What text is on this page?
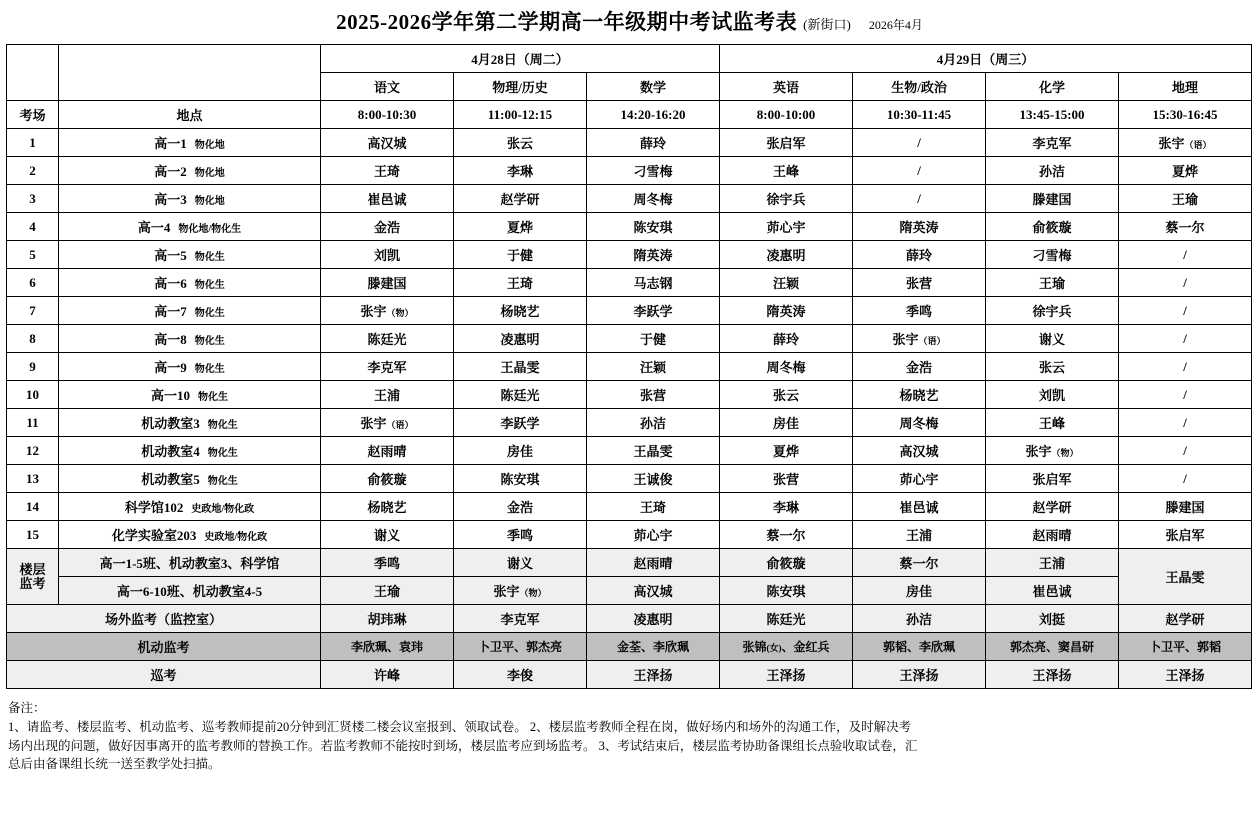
2025-2026学年第二学期高一年级期中考试监考表 (新街口) 2026年4月
		4月28日（周二）			4月29日（周三）			
		语文	物理/历史	数学	英语	生物/政治	化学	地理
考场	地点	8:00-10:30	11:00-12:15	14:20-16:20	8:00-10:00	10:30-11:45	13:45-15:00	15:30-16:45
1	高一1 物化地	高汉城	张云	薛玲	张启军	/	李克军	张宇（语）
2	高一2 物化地	王琦	李琳	刁雪梅	王峰	/	孙洁	夏烨
3	高一3 物化地	崔邑诚	赵学研	周冬梅	徐宇兵	/	滕建国	王瑜
4	高一4 物化地/物化生	金浩	夏烨	陈安琪	茆心宇	隋英涛	俞筱璇	蔡一尔
5	高一5 物化生	刘凯	于健	隋英涛	凌惠明	薛玲	刁雪梅	/
6	高一6 物化生	滕建国	王琦	马志钢	汪颖	张营	王瑜	/
7	高一7 物化生	张宇（物）	杨晓艺	李跃学	隋英涛	季鸣	徐宇兵	/
8	高一8 物化生	陈廷光	凌惠明	于健	薛玲	张宇（语）	谢义	/
9	高一9 物化生	李克军	王晶雯	汪颖	周冬梅	金浩	张云	/
10	高一10 物化生	王浦	陈廷光	张营	张云	杨晓艺	刘凯	/
11	机动教室3 物化生	张宇（语）	李跃学	孙洁	房佳	周冬梅	王峰	/
12	机动教室4 物化生	赵雨晴	房佳	王晶雯	夏烨	高汉城	张宇（物）	/
13	机动教室5 物化生	俞筱璇	陈安琪	王诚俊	张营	茆心宇	张启军	/
14	科学馆102 史政地/物化政	杨晓艺	金浩	王琦	李琳	崔邑诚	赵学研	滕建国
15	化学实验室203 史政地/物化政	谢义	季鸣	茆心宇	蔡一尔	王浦	赵雨晴	张启军

楼层
监考	高一1-5班、机动教室3、科学馆	季鸣	谢义	赵雨晴	俞筱璇	蔡一尔	王浦	王晶雯
	高一6-10班、机动教室4-5	王瑜	张宇（物）	高汉城	陈安琪	房佳	崔邑诚	
场外监考（监控室）		胡玮琳	李克军	凌惠明	陈廷光	孙洁	刘挺	赵学研
机动监考		李欣珮、袁玮	卜卫平、郭杰亮	金荃、李欣珮	张锦(女)、金红兵	郭韬、李欣珮	郭杰亮、窦昌研	卜卫平、郭韬
巡考		许峰	李俊	王泽扬	王泽扬	王泽扬	王泽扬	王泽扬

备注：

1、请监考、楼层监考、机动监考、巡考教师提前20分钟到汇贤楼二楼会议室报到、领取试卷。 2、楼层监考教师全程在岗，做好场内和场外的沟通工作，及时解决考

场内出现的问题，做好因事离开的监考教师的替换工作。若监考教师不能按时到场，楼层监考应到场监考。 3、考试结束后，楼层监考协助备课组长点验收取试卷，汇

总后由备课组长统一送至教学处扫描。
